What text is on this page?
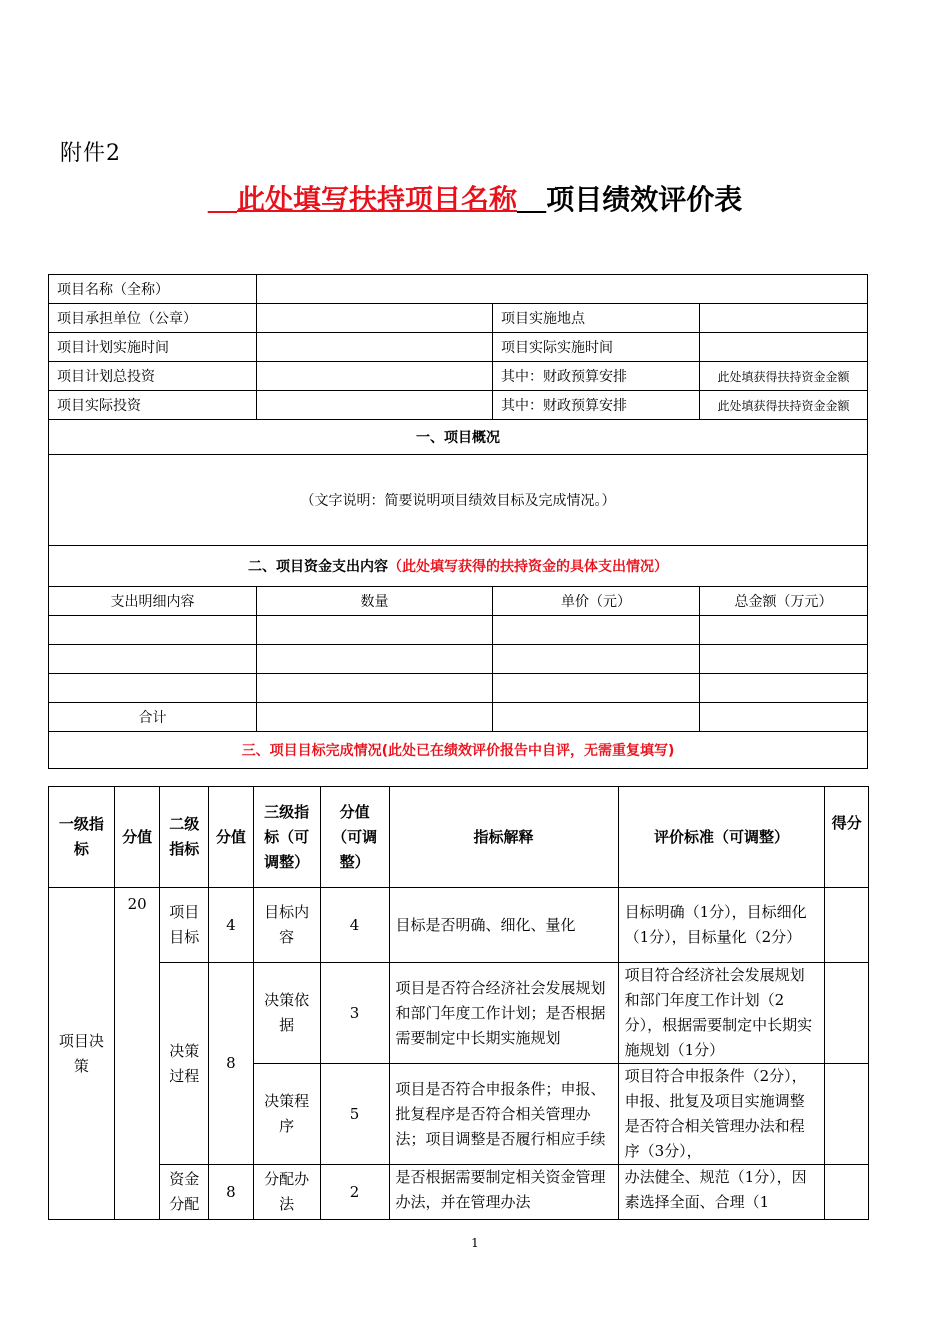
附件2
此处填写扶持项目名称 项目绩效评价表
项目名称（全称）			
项目承担单位（公章）		项目实施地点	
项目计划实施时间		项目实际实施时间	
项目计划总投资		其中：财政预算安排	此处填获得扶持资金金额
项目实际投资		其中：财政预算安排	此处填获得扶持资金金额
一、项目概况			
（文字说明：简要说明项目绩效目标及完成情况。）			
二、项目资金支出内容（此处填写获得的扶持资金的具体支出情况）			
支出明细内容	数量	单价（元）	总金额（万元）

合计			
三、项目目标完成情况(此处已在绩效评价报告中自评，无需重复填写)			
一级指标	分值	二级指标	分值	三级指标（可调整）	分值（可调整）	指标解释	评价标准（可调整）	得分
项目决策	20	项目目标	4	目标内容	4	目标是否明确、细化、量化	目标明确（1分），目标细化（1分），目标量化（2分）	
		决策过程	8	决策依据	3	项目是否符合经济社会发展规划和部门年度工作计划；是否根据需要制定中长期实施规划	项目符合经济社会发展规划和部门年度工作计划（2分），根据需要制定中长期实施规划（1分）	
				决策程序	5	项目是否符合申报条件；申报、批复程序是否符合相关管理办法；项目调整是否履行相应手续	项目符合申报条件（2分），申报、批复及项目实施调整是否符合相关管理办法和程序（3分），	
		资金分配	8	分配办法	2	是否根据需要制定相关资金管理办法，并在管理办法	办法健全、规范（1分），因素选择全面、合理（1	
1
